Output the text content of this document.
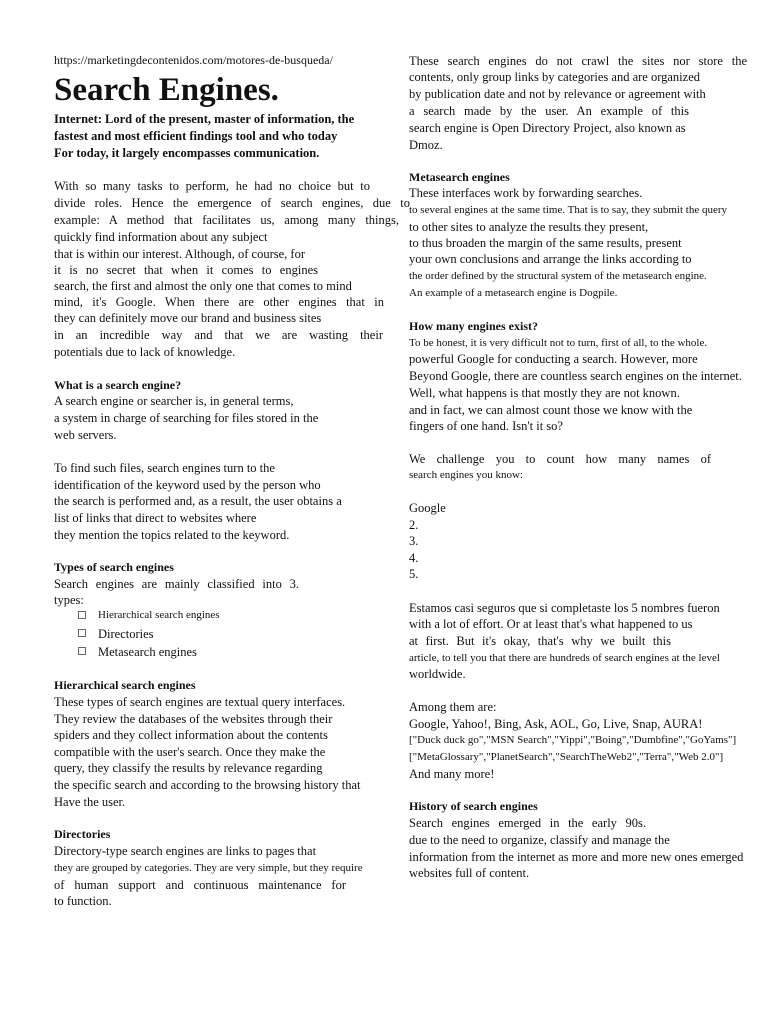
https://marketingdecontenidos.com/motores-de-busqueda/
Search Engines.
Internet: Lord of the present, master of information, the
fastest and most efficient findings tool and who today
For today, it largely encompasses communication.
With so many tasks to perform, he had no choice but to
divide roles. Hence the emergence of search engines, due to
example: A method that facilitates us, among many things,
quickly find information about any subject
that is within our interest. Although, of course, for
it is no secret that when it comes to engines
search, the first and almost the only one that comes to mind
mind, it's Google. When there are other engines that in
they can definitely move our brand and business sites
in an incredible way and that we are wasting their
potentials due to lack of knowledge.
What is a search engine?
A search engine or searcher is, in general terms,
a system in charge of searching for files stored in the
web servers.
To find such files, search engines turn to the
identification of the keyword used by the person who
the search is performed and, as a result, the user obtains a
list of links that direct to websites where
they mention the topics related to the keyword.
Types of search engines
Search engines are mainly classified into 3.
types:
Hierarchical search engines
Directories
Metasearch engines
Hierarchical search engines
These types of search engines are textual query interfaces.
They review the databases of the websites through their
spiders and they collect information about the contents
compatible with the user's search. Once they make the
query, they classify the results by relevance regarding
the specific search and according to the browsing history that
Have the user.
Directories
Directory-type search engines are links to pages that
they are grouped by categories. They are very simple, but they require
of human support and continuous maintenance for
to function.
These search engines do not crawl the sites nor store the
contents, only group links by categories and are organized
by publication date and not by relevance or agreement with
a search made by the user. An example of this
search engine is Open Directory Project, also known as
Dmoz.
Metasearch engines
These interfaces work by forwarding searches.
to several engines at the same time. That is to say, they submit the query
to other sites to analyze the results they present,
to thus broaden the margin of the same results, present
your own conclusions and arrange the links according to
the order defined by the structural system of the metasearch engine.
An example of a metasearch engine is Dogpile.
How many engines exist?
To be honest, it is very difficult not to turn, first of all, to the whole.
powerful Google for conducting a search. However, more
Beyond Google, there are countless search engines on the internet.
Well, what happens is that mostly they are not known.
and in fact, we can almost count those we know with the
fingers of one hand. Isn't it so?
We challenge you to count how many names of
search engines you know:
Google
2.
3.
4.
5.
Estamos casi seguros que si completaste los 5 nombres fueron
with a lot of effort. Or at least that's what happened to us
at first. But it's okay, that's why we built this
article, to tell you that there are hundreds of search engines at the level
worldwide.
Among them are:
Google, Yahoo!, Bing, Ask, AOL, Go, Live, Snap, AURA!
["Duck duck go","MSN Search","Yippi","Boing","Dumbfine","GoYams"]
["MetaGlossary","PlanetSearch","SearchTheWeb2","Terra","Web 2.0"]
And many more!
History of search engines
Search engines emerged in the early 90s.
due to the need to organize, classify and manage the
information from the internet as more and more new ones emerged
websites full of content.
